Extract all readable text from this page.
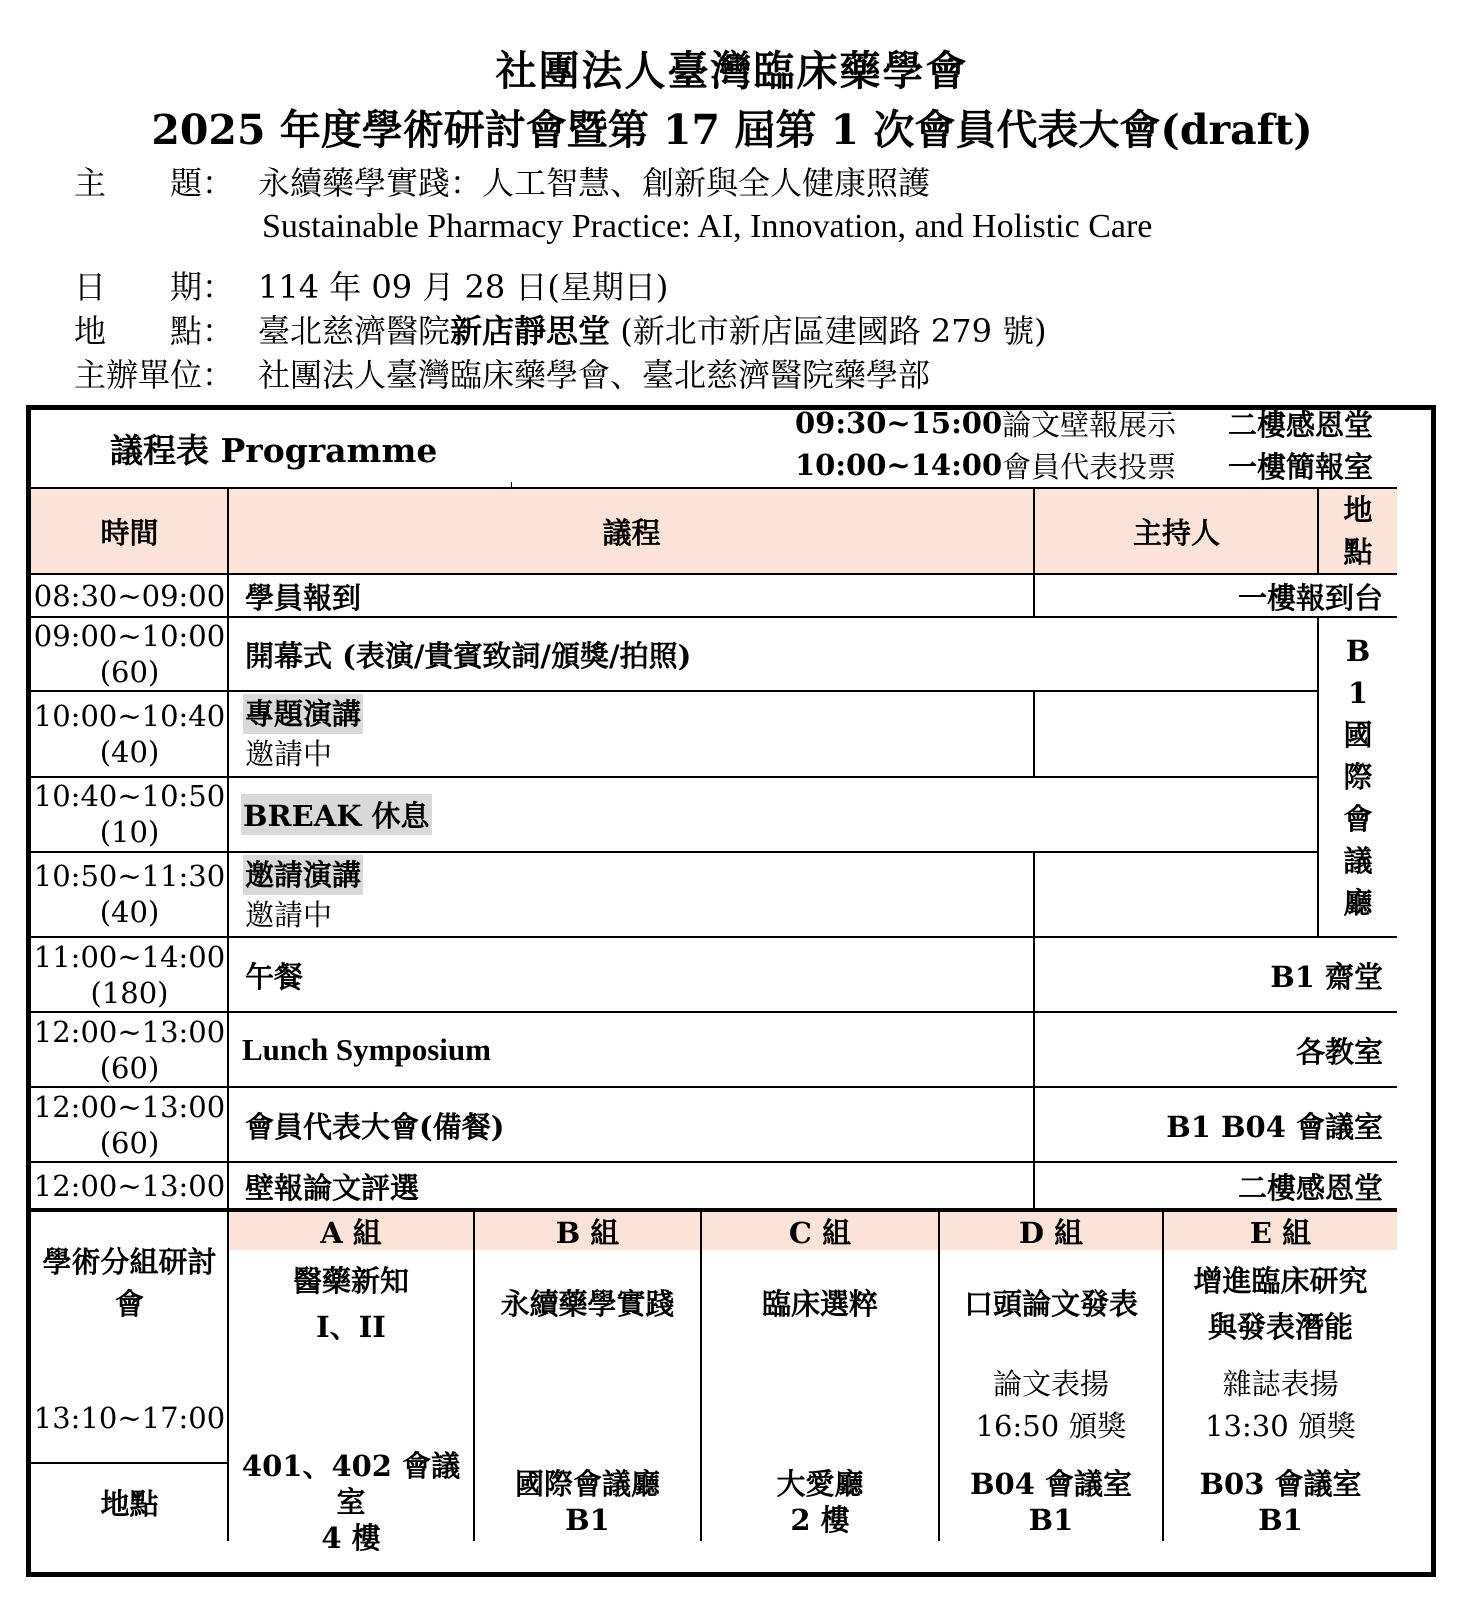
社團法人臺灣臨床藥學會
2025 年度學術研討會暨第 17 屆第 1 次會員代表大會(draft)
主　　題： 永續藥學實踐：人工智慧、創新與全人健康照護
Sustainable Pharmacy Practice: AI, Innovation, and Holistic Care
日　　期： 114 年 09 月 28 日(星期日)
地　　點： 臺北慈濟醫院新店靜思堂 (新北市新店區建國路 279 號)
主辦單位： 社團法人臺灣臨床藥學會、臺北慈濟醫院藥學部
議程表 Programme
09:30~15:00 論文壁報展示 二樓感恩堂
10:00~14:00 會員代表投票 一樓簡報室
時間	議程	主持人
地點
08:30~09:00
09:00~10:00
(60)
10:00~10:40
(40)
10:40~10:50
(10)
10:50~11:30
(40)
11:00~14:00
(180)
12:00~13:00
(60)
12:00~13:00
(60)
12:00~13:00
學員報到
開幕式 (表演/貴賓致詞/頒獎/拍照)
專題演講
邀請中
BREAK 休息
邀請演講
邀請中
午餐
Lunch Symposium
會員代表大會(備餐)
壁報論文評選
一樓報到台
B1 齋堂
各教室
B1 B04 會議室
二樓感恩堂
B1國際會議廳
學術分組研討會
13:10~17:00
地點
A 組
醫藥新知
I、II
401、402 會議室
4 樓
B 組
永續藥學實踐
國際會議廳
B1
C 組
臨床選粹
大愛廳
2 樓
D 組
口頭論文發表
論文表揚
16:50 頒獎
B04 會議室
B1
E 組
增進臨床研究
與發表潛能
雜誌表揚
13:30 頒獎
B03 會議室
B1
